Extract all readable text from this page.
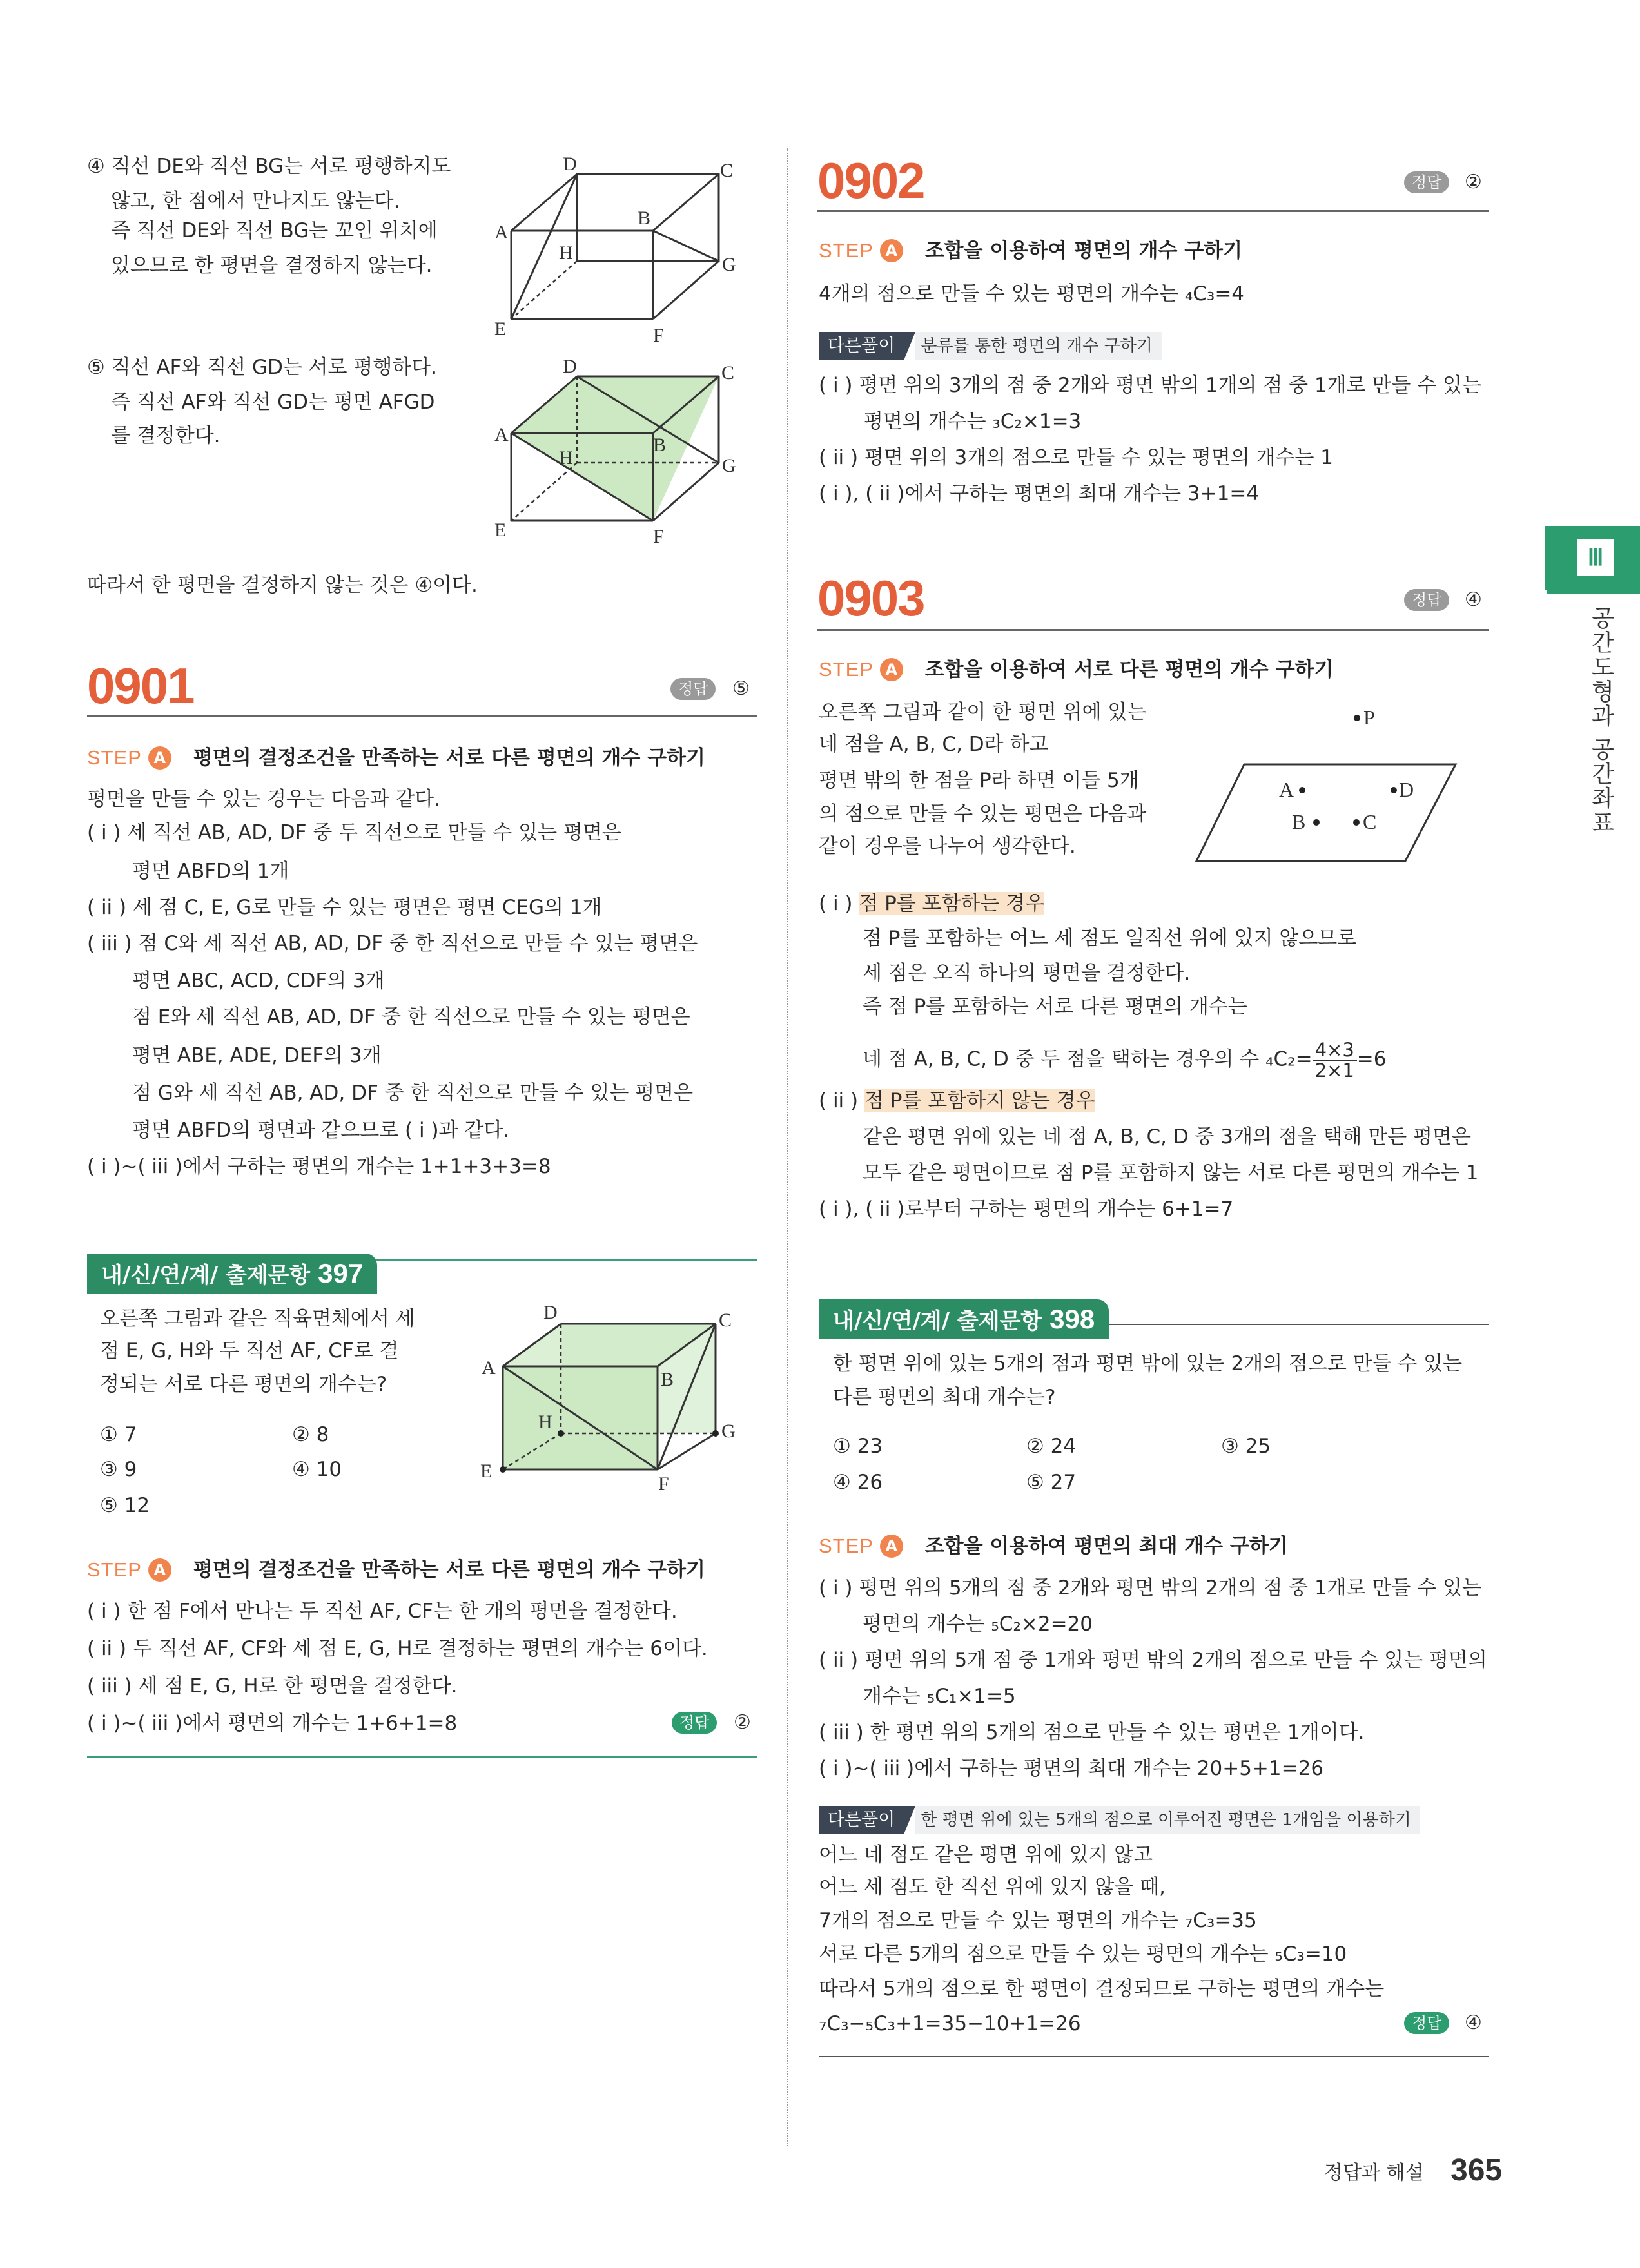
④ 직선 DE와 직선 BG는 서로 평행하지도
않고, 한 점에서 만나지도 않는다.
즉 직선 DE와 직선 BG는 꼬인 위치에
있으므로 한 평면을 결정하지 않는다.
D	C
A
B
H
G
E	F
⑤ 직선 AF와 직선 GD는 서로 평행하다.
즉 직선 AF와 직선 GD는 평면 AFGD
를 결정한다.
D	C
A	B
H	G
E	F
따라서 한 평면을 결정하지 않는 것은 ④이다.
0901	정답	⑤
STEP A 평면의 결정조건을 만족하는 서로 다른 평면의 개수 구하기
평면을 만들 수 있는 경우는 다음과 같다.
( i ) 세 직선 AB, AD, DF 중 두 직선으로 만들 수 있는 평면은
평면 ABFD의 1개
( ii ) 세 점 C, E, G로 만들 수 있는 평면은 평면 CEG의 1개
( iii ) 점 C와 세 직선 AB, AD, DF 중 한 직선으로 만들 수 있는 평면은
평면 ABC, ACD, CDF의 3개
점 E와 세 직선 AB, AD, DF 중 한 직선으로 만들 수 있는 평면은
평면 ABE, ADE, DEF의 3개
점 G와 세 직선 AB, AD, DF 중 한 직선으로 만들 수 있는 평면은
평면 ABFD의 평면과 같으므로 ( i )과 같다.
( i )~( iii )에서 구하는 평면의 개수는 1+1+3+3=8
내/신/연/계/ 출제문항 397
오른쪽 그림과 같은 직육면체에서 세
점 E, G, H와 두 직선 AF, CF로 결
정되는 서로 다른 평면의 개수는?
① 7	② 8
③ 9	④ 10
⑤ 12
D	C
A
B
H	G
E
F
STEP A 평면의 결정조건을 만족하는 서로 다른 평면의 개수 구하기
( i ) 한 점 F에서 만나는 두 직선 AF, CF는 한 개의 평면을 결정한다.
( ii ) 두 직선 AF, CF와 세 점 E, G, H로 결정하는 평면의 개수는 6이다.
( iii ) 세 점 E, G, H로 한 평면을 결정한다.
( i )~( iii )에서 평면의 개수는 1+6+1=8	정답	②
0902	정답	②
STEP A 조합을 이용하여 평면의 개수 구하기
4개의 점으로 만들 수 있는 평면의 개수는 ₄C₃=4
다른풀이 분류를 통한 평면의 개수 구하기
( i ) 평면 위의 3개의 점 중 2개와 평면 밖의 1개의 점 중 1개로 만들 수 있는
평면의 개수는 ₃C₂×1=3
( ii ) 평면 위의 3개의 점으로 만들 수 있는 평면의 개수는 1
( i ), ( ii )에서 구하는 평면의 최대 개수는 3+1=4
0903	정답	④
STEP A 조합을 이용하여 서로 다른 평면의 개수 구하기
오른쪽 그림과 같이 한 평면 위에 있는
네 점을 A, B, C, D라 하고
평면 밖의 한 점을 P라 하면 이들 5개
의 점으로 만들 수 있는 평면은 다음과
같이 경우를 나누어 생각한다.
P
A	D
B	C
( i ) 점 P를 포함하는 경우
점 P를 포함하는 어느 세 점도 일직선 위에 있지 않으므로
세 점은 오직 하나의 평면을 결정한다.
즉 점 P를 포함하는 서로 다른 평면의 개수는
네 점 A, B, C, D 중 두 점을 택하는 경우의 수 $_4C_2= \frac{4\times 3}{2\times 1} =6$
( ii ) 점 P를 포함하지 않는 경우
같은 평면 위에 있는 네 점 A, B, C, D 중 3개의 점을 택해 만든 평면은
모두 같은 평면이므로 점 P를 포함하지 않는 서로 다른 평면의 개수는 1
( i ), ( ii )로부터 구하는 평면의 개수는 6+1=7
내/신/연/계/ 출제문항 398
한 평면 위에 있는 5개의 점과 평면 밖에 있는 2개의 점으로 만들 수 있는
다른 평면의 최대 개수는?
① 23	② 24	③ 25
④ 26	⑤ 27
STEP A 조합을 이용하여 평면의 최대 개수 구하기
( i ) 평면 위의 5개의 점 중 2개와 평면 밖의 2개의 점 중 1개로 만들 수 있는
평면의 개수는 ₅C₂×2=20
( ii ) 평면 위의 5개 점 중 1개와 평면 밖의 2개의 점으로 만들 수 있는 평면의
개수는 ₅C₁×1=5
( iii ) 한 평면 위의 5개의 점으로 만들 수 있는 평면은 1개이다.
( i )~( iii )에서 구하는 평면의 최대 개수는 20+5+1=26
다른풀이 한 평면 위에 있는 5개의 점으로 이루어진 평면은 1개임을 이용하기
어느 네 점도 같은 평면 위에 있지 않고
어느 세 점도 한 직선 위에 있지 않을 때,
7개의 점으로 만들 수 있는 평면의 개수는 ₇C₃=35
서로 다른 5개의 점으로 만들 수 있는 평면의 개수는 ₅C₃=10
따라서 5개의 점으로 한 평면이 결정되므로 구하는 평면의 개수는
₇C₃−₅C₃+1=35−10+1=26	정답	④
Ⅲ
공간도형과 공간좌표
정답과 해설 365
